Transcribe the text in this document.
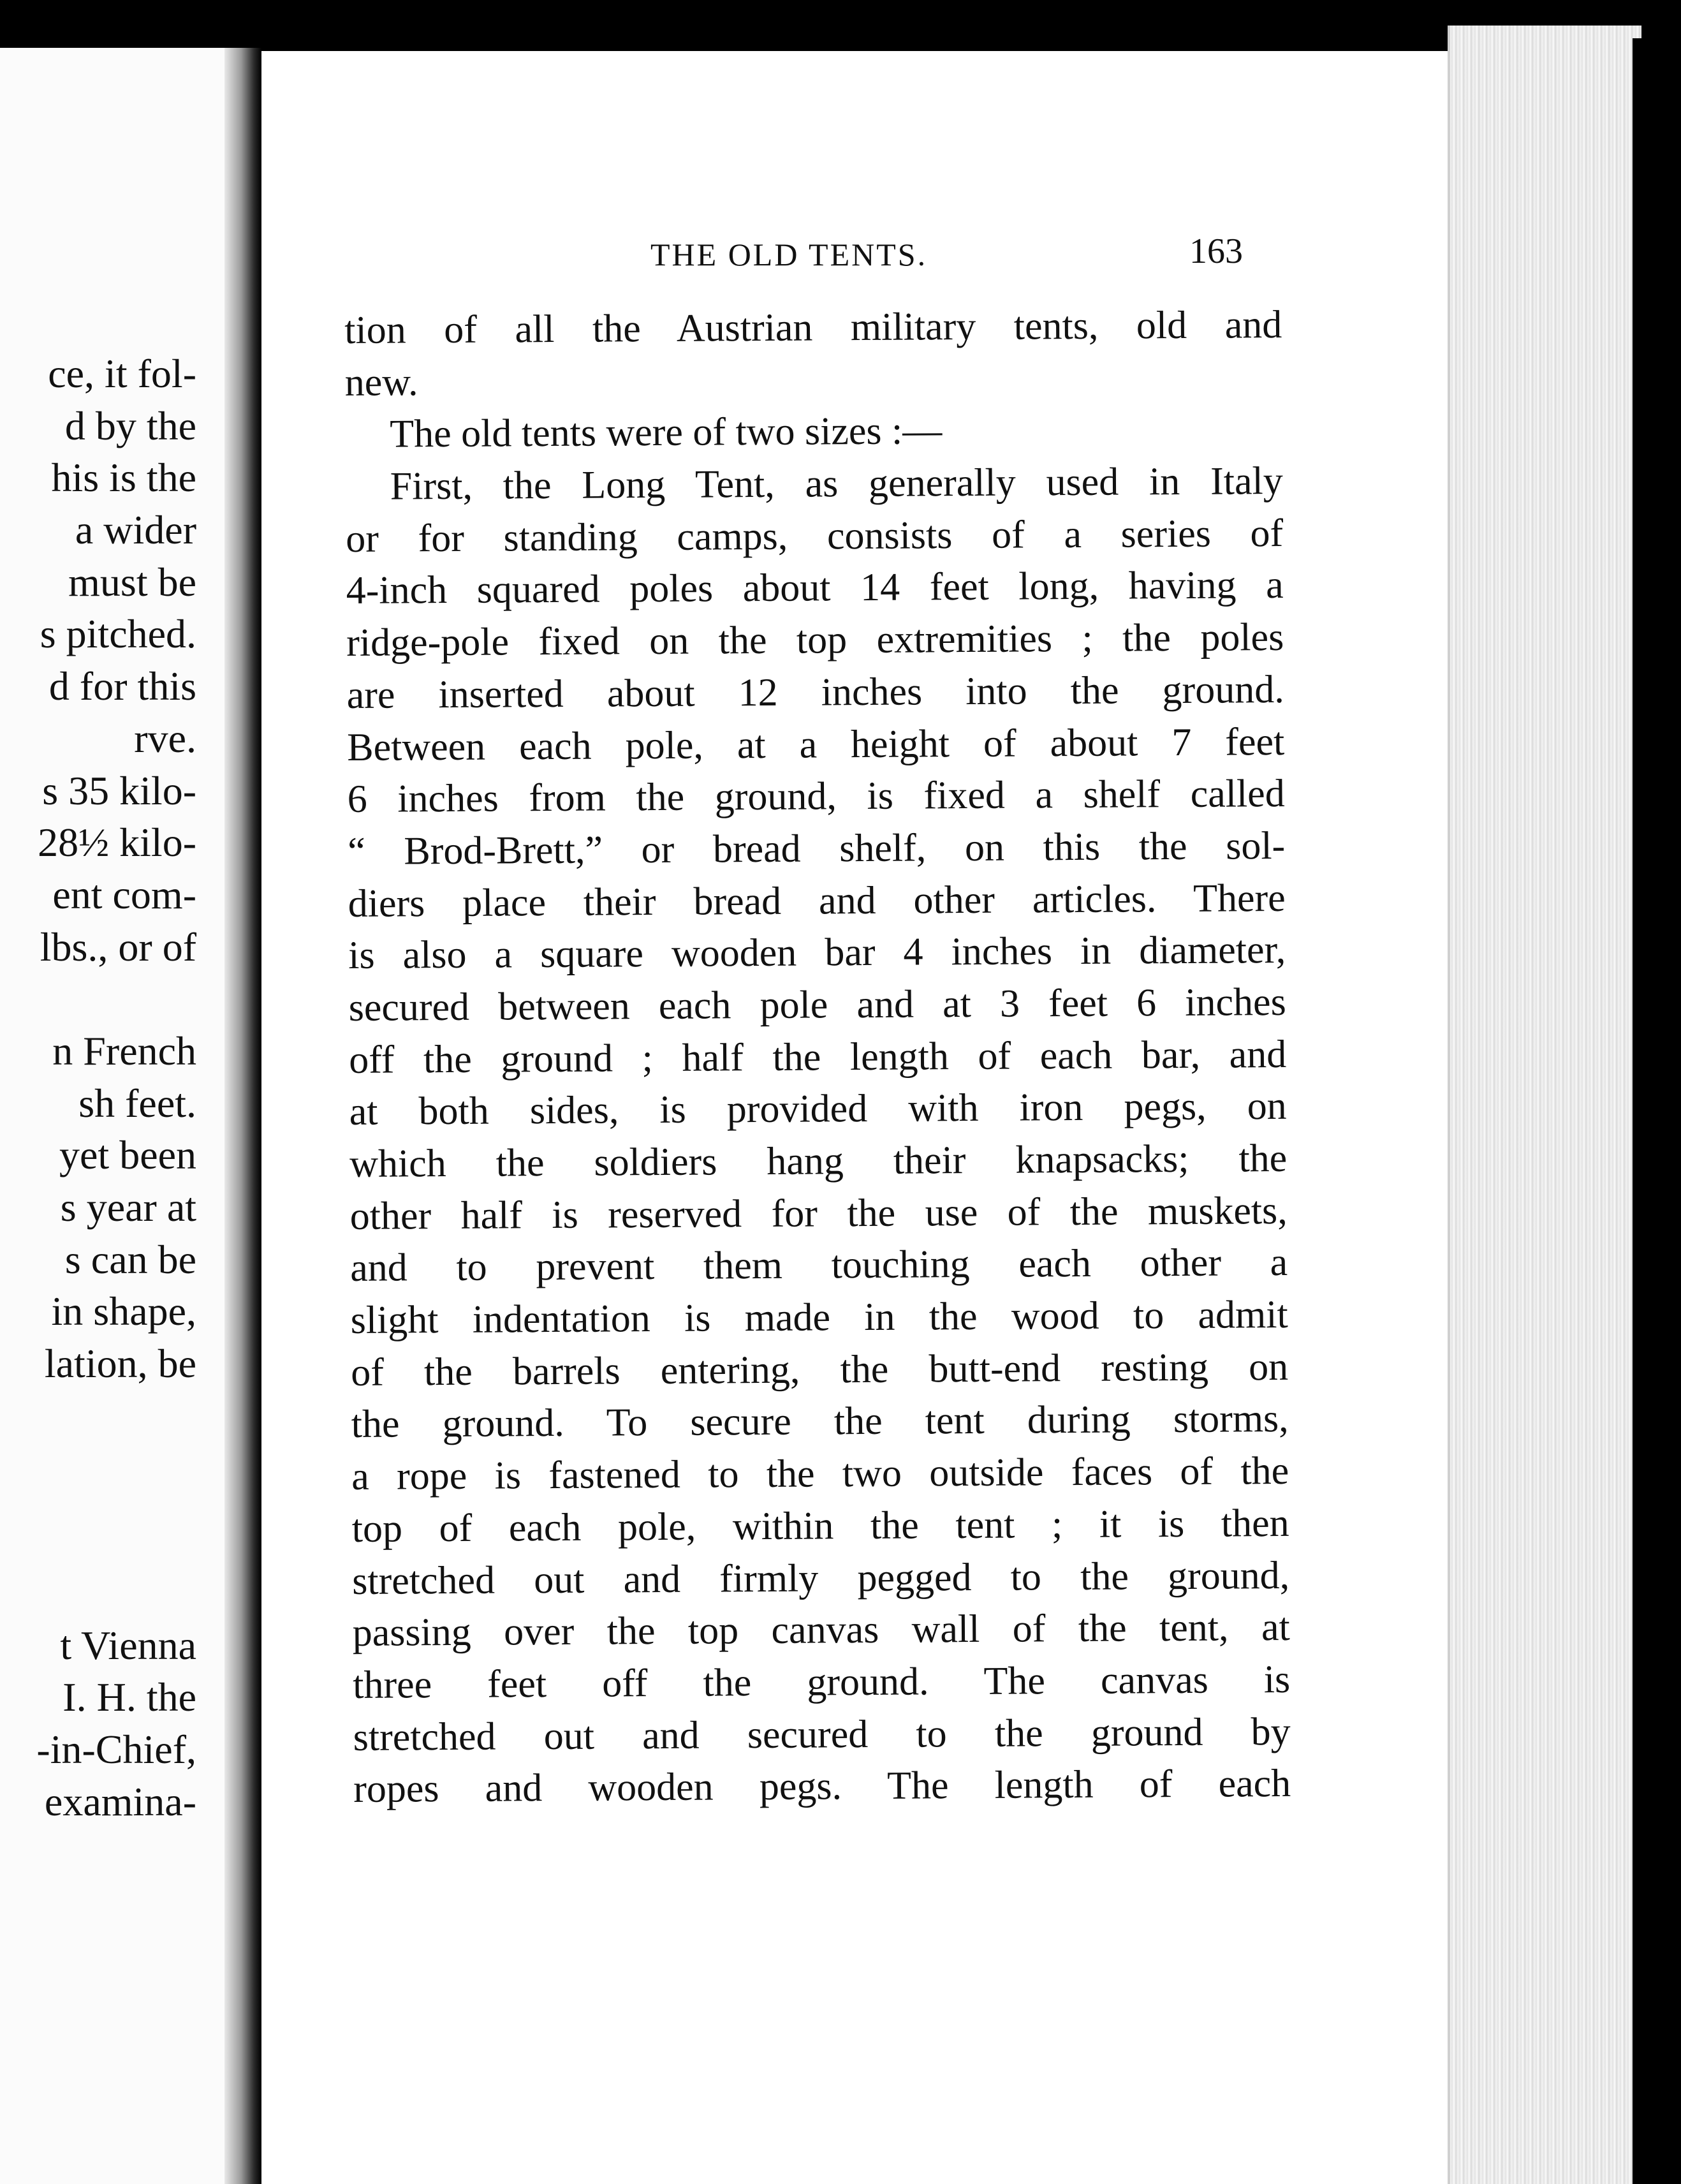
ce, it fol-
d by the
his is the
a wider
must be
s pitched.
d for this
rve.
s 35 kilo-
28½ kilo-
ent com-
lbs., or of
n French
sh feet.
yet been
s year at
s can be
in shape,
lation, be
t Vienna
I. H. the
-in-Chief,
examina-
THE OLD TENTS.	163
tion of all the Austrian military tents, old and
new.
The old tents were of two sizes :—
First, the Long Tent, as generally used in Italy
or for standing camps, consists of a series of
4-inch squared poles about 14 feet long, having a
ridge-pole fixed on the top extremities ; the poles
are inserted about 12 inches into the ground.
Between each pole, at a height of about 7 feet
6 inches from the ground, is fixed a shelf called
“ Brod-Brett,” or bread shelf, on this the sol-
diers place their bread and other articles. There
is also a square wooden bar 4 inches in diameter,
secured between each pole and at 3 feet 6 inches
off the ground ; half the length of each bar, and
at both sides, is provided with iron pegs, on
which the soldiers hang their knapsacks; the
other half is reserved for the use of the muskets,
and to prevent them touching each other a
slight indentation is made in the wood to admit
of the barrels entering, the butt-end resting on
the ground. To secure the tent during storms,
a rope is fastened to the two outside faces of the
top of each pole, within the tent ; it is then
stretched out and firmly pegged to the ground,
passing over the top canvas wall of the tent, at
three feet off the ground. The canvas is
stretched out and secured to the ground by
ropes and wooden pegs. The length of each
